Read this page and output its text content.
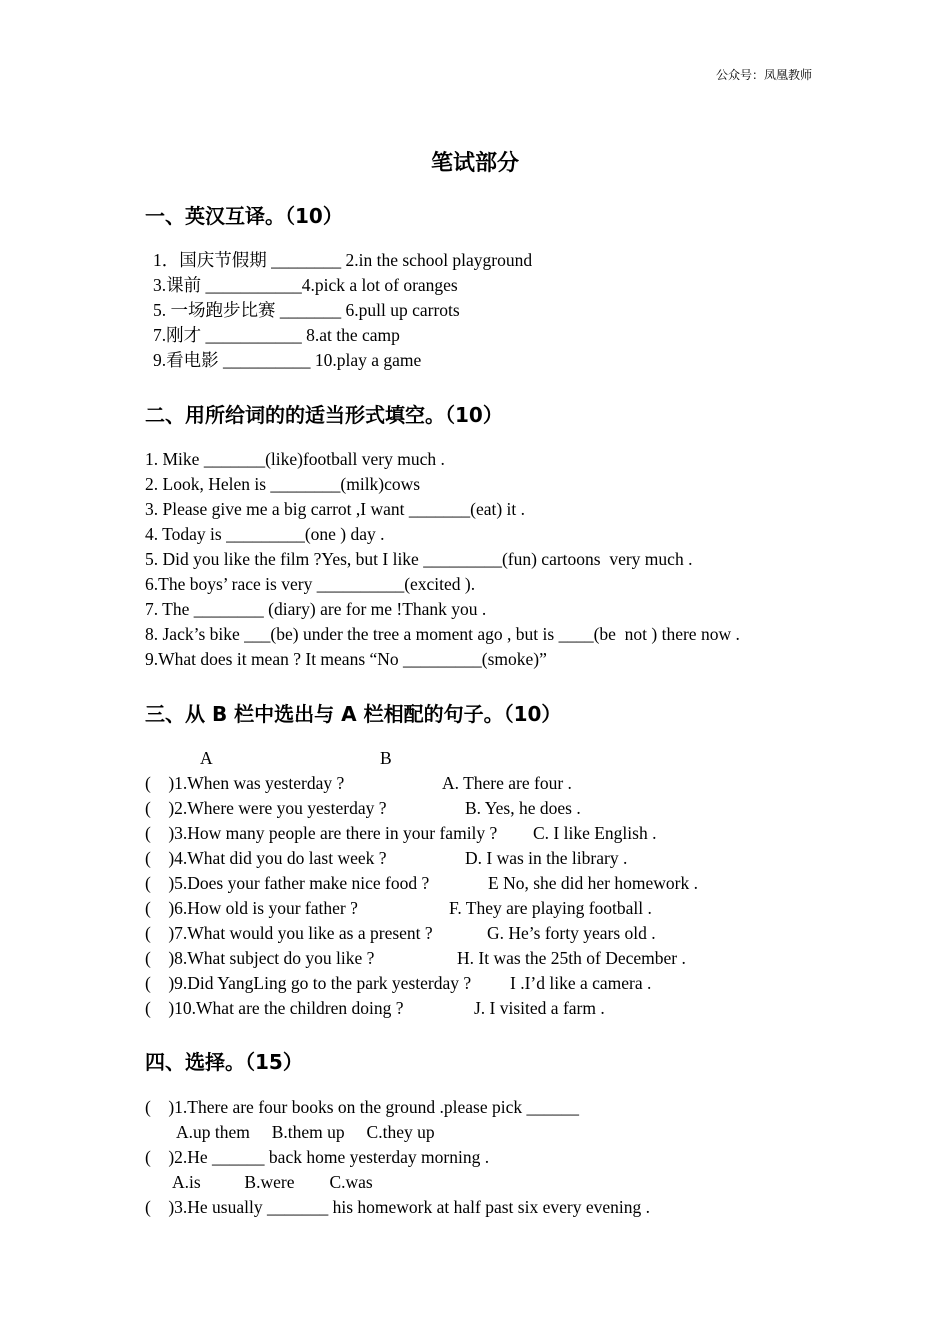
公众号：凤凰教师
笔试部分
一、英汉互译。（10）
1．国庆节假期 ________ 2.in the school playground
3.课前 ___________4.pick a lot of oranges
5. 一场跑步比赛 _______ 6.pull up carrots
7.刚才 ___________ 8.at the camp
9.看电影 __________ 10.play a game
二、用所给词的的适当形式填空。（10）
1. Mike _______(like)football very much .
2. Look, Helen is ________(milk)cows
3. Please give me a big carrot ,I want _______(eat) it .
4. Today is _________(one ) day .
5. Did you like the film ?Yes, but I like _________(fun) cartoons  very much .
6.The boys’ race is very __________(excited ).
7. The ________ (diary) are for me !Thank you .
8. Jack’s bike ___(be) under the tree a moment ago , but is ____(be  not ) there now .
9.What does it mean ? It means “No _________(smoke)”
三、从 B 栏中选出与 A 栏相配的句子。（10）
A	B
(    )1.When was yesterday ?	A. There are four .
(    )2.Where were you yesterday ?	B. Yes, he does .
(    )3.How many people are there in your family ? C. I like English .
(    )4.What did you do last week ?	D. I was in the library .
(    )5.Does your father make nice food ?	E No, she did her homework .
(    )6.How old is your father ?	F. They are playing football .
(    )7.What would you like as a present ?	G. He’s forty years old .
(    )8.What subject do you like ?	H. It was the 25th of December .
(    )9.Did YangLing go to the park yesterday ? I .I’d like a camera .
(    )10.What are the children doing ?	J. I visited a farm .
四、选择。（15）
(    )1.There are four books on the ground .please pick ______
A.up them     B.them up     C.they up
(    )2.He ______ back home yesterday morning .
A.is          B.were        C.was
(    )3.He usually _______ his homework at half past six every evening .
